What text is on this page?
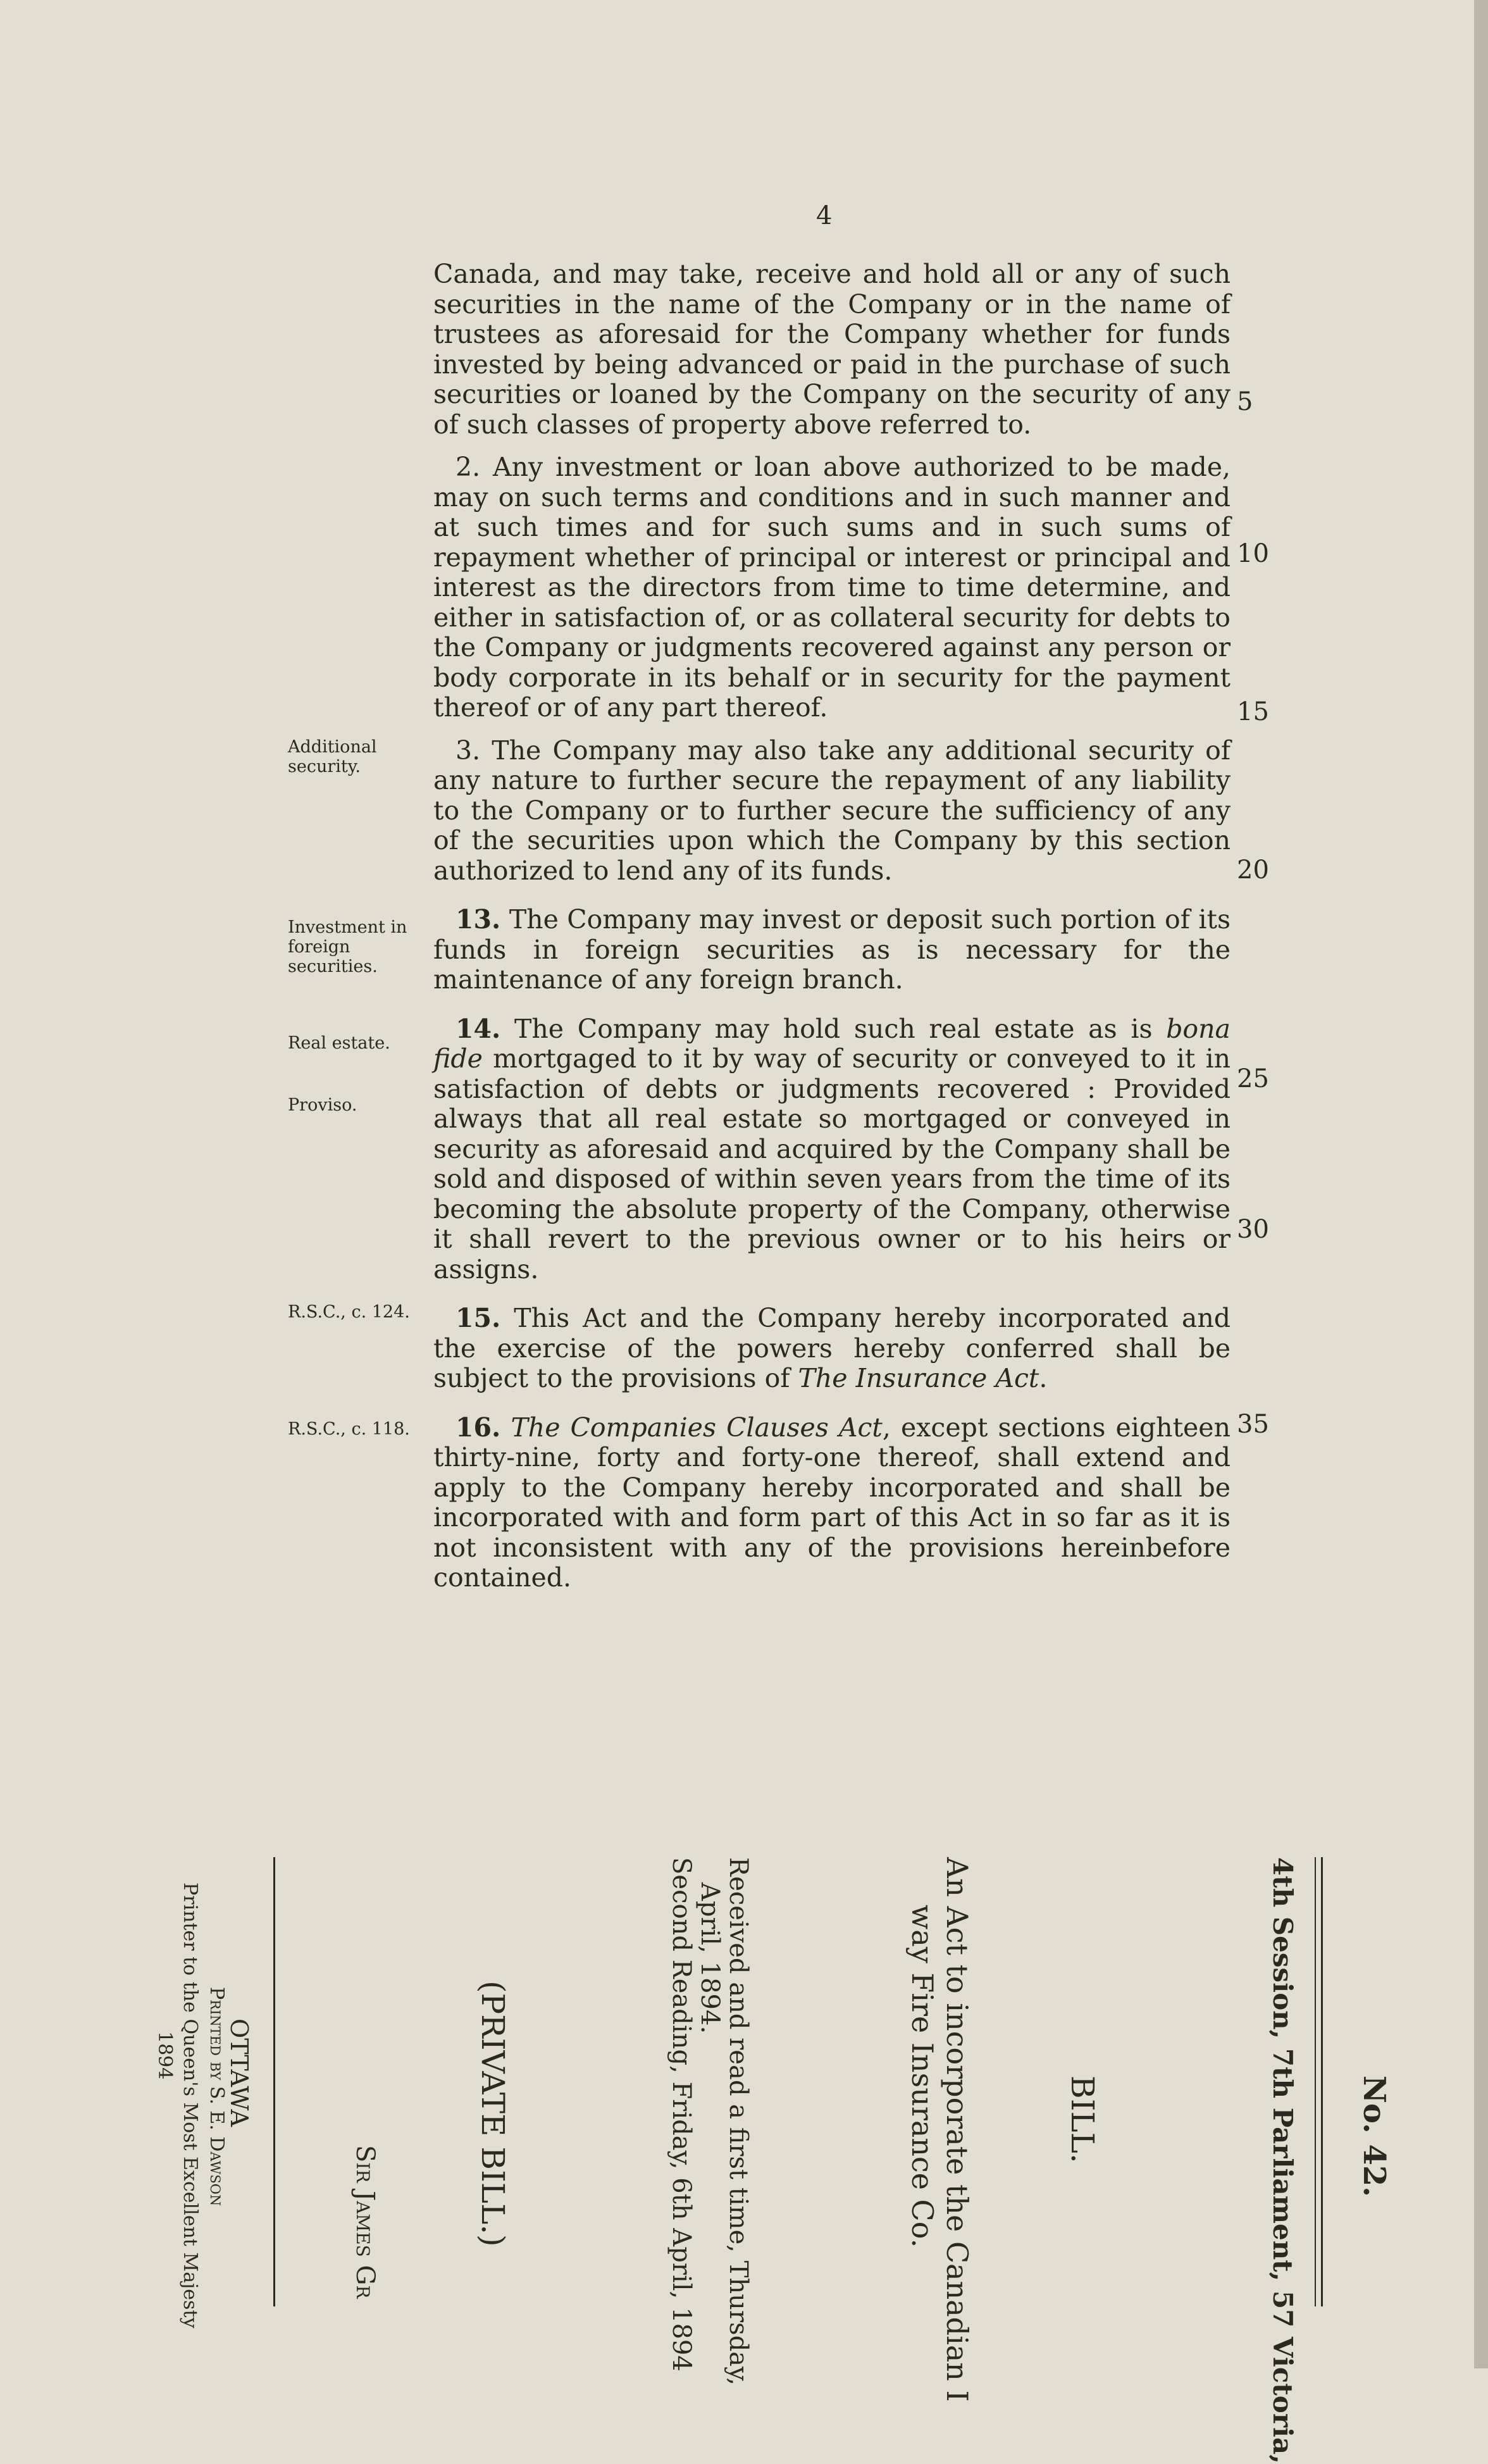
4

Canada, and may take, receive and hold all or any of such securities in the name of the Company or in the name of trustees as aforesaid for the Company whether for funds invested by being advanced or paid in the purchase of such securities or loaned by the Company on the security of any of such classes of property above referred to.

2. Any investment or loan above authorized to be made, may on such terms and conditions and in such manner and at such times and for such sums and in such sums of repayment whether of principal or interest or principal and interest as the directors from time to time determine, and either in satisfaction of, or as collateral security for debts to the Company or judgments recovered against any person or body corporate in its behalf or in security for the payment thereof or of any part thereof.

3. The Company may also take any additional security of any nature to further secure the repayment of any liability to the Company or to further secure the sufficiency of any of the securities upon which the Company by this section authorized to lend any of its funds.

13. The Company may invest or deposit such portion of its funds in foreign securities as is necessary for the maintenance of any foreign branch.

14. The Company may hold such real estate as is bona fide mortgaged to it by way of security or conveyed to it in satisfaction of debts or judgments recovered : Provided always that all real estate so mortgaged or conveyed in security as aforesaid and acquired by the Company shall be sold and disposed of within seven years from the time of its becoming the absolute property of the Company, otherwise it shall revert to the previous owner or to his heirs or assigns.

15. This Act and the Company hereby incorporated and the exercise of the powers hereby conferred shall be subject to the provisions of The Insurance Act.

16. The Companies Clauses Act, except sections eighteen thirty-nine, forty and forty-one thereof, shall extend and apply to the Company hereby incorporated and shall be incorporated with and form part of this Act in so far as it is not inconsistent with any of the provisions hereinbefore contained.

Additional security.
Investment in foreign securities.
Real estate.
Proviso.
R.S.C., c. 124.
R.S.C., c. 118.
5
10
15
20
25
30
35
No. 42.
4th Session, 7th Parliament, 57 Victoria,
BILL.
An Act to incorporate the Canadian I
way Fire Insurance Co.
Received and read a first time, Thursday,
April, 1894.
Second Reading, Friday, 6th April, 1894
(PRIVATE BILL.)
Sir James Gr
OTTAWA
Printed by S. E. Dawson
Printer to the Queen's Most Excellent Majesty
1894
